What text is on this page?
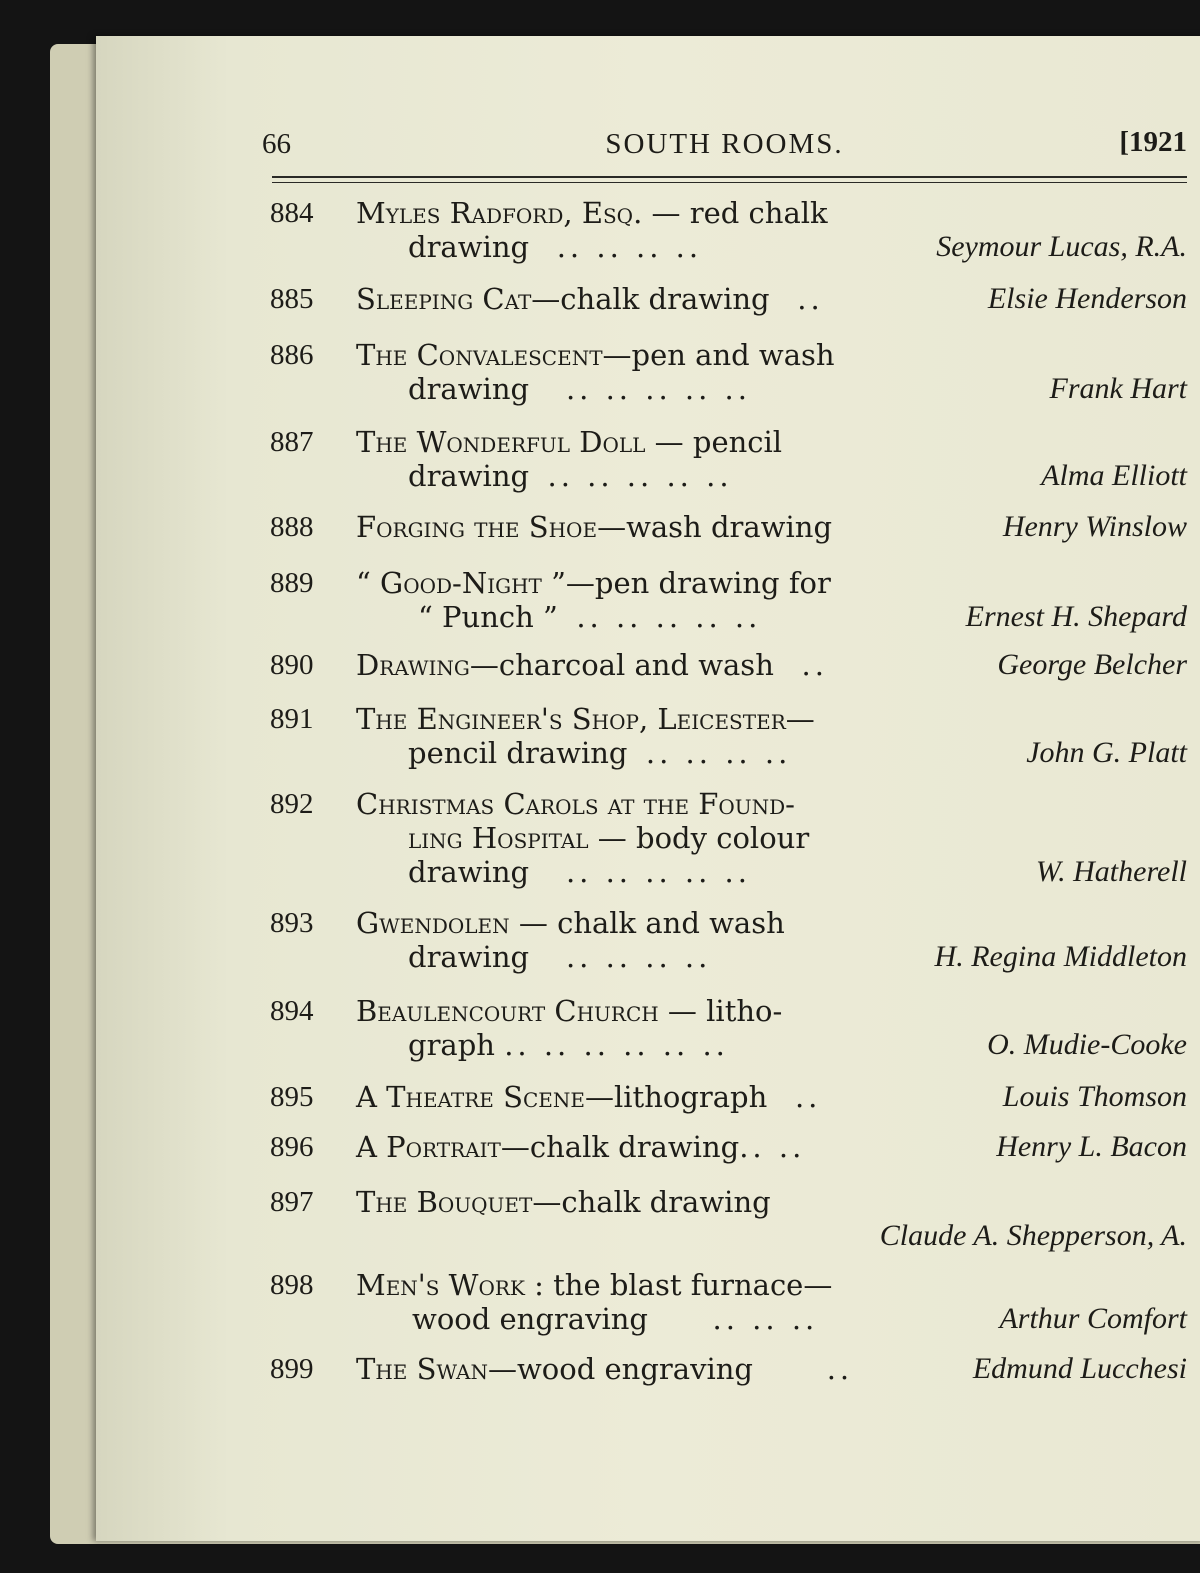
66	SOUTH ROOMS.	[1921
884 Myles Radford, Esq. — red chalk
drawing .. .. .. ..	Seymour Lucas, R.A.
885 Sleeping Cat—chalk drawing ..	Elsie Henderson
886 The Convalescent—pen and wash
drawing .. .. .. .. ..	Frank Hart
887 The Wonderful Doll — pencil
drawing .. .. .. .. ..	Alma Elliott
888 Forging the Shoe—wash drawing	Henry Winslow
889 “ Good-Night ”—pen drawing for
“ Punch ” .. .. .. .. ..	Ernest H. Shepard
890 Drawing—charcoal and wash ..	George Belcher
891 The Engineer's Shop, Leicester—
pencil drawing .. .. .. ..	John G. Platt
892 Christmas Carols at the Found-
ling Hospital — body colour
drawing .. .. .. .. ..	W. Hatherell
893 Gwendolen — chalk and wash
drawing .. .. .. ..	H. Regina Middleton
894 Beaulencourt Church — litho-
graph .. .. .. .. .. ..	O. Mudie-Cooke
895 A Theatre Scene—lithograph ..	Louis Thomson
896 A Portrait—chalk drawing.. ..	Henry L. Bacon
897 The Bouquet—chalk drawing
Claude A. Shepperson, A.
898 Men's Work : the blast furnace—
wood engraving .. .. ..	Arthur Comfort
899 The Swan—wood engraving	..	Edmund Lucchesi
